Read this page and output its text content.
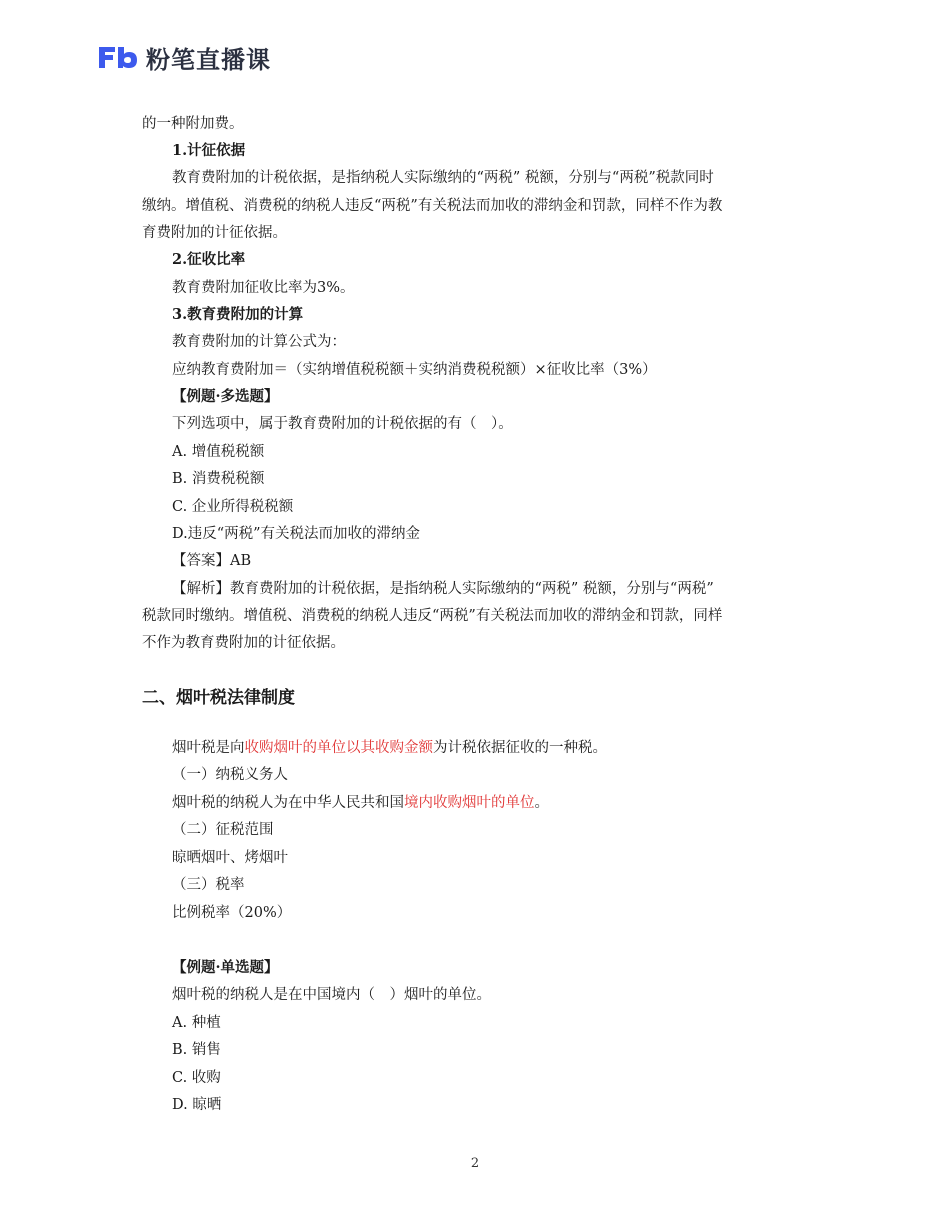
粉笔直播课
的一种附加费。
1.计征依据
教育费附加的计税依据，是指纳税人实际缴纳的“两税” 税额，分别与“两税”税款同时
缴纳。增值税、消费税的纳税人违反“两税”有关税法而加收的滞纳金和罚款，同样不作为教
育费附加的计征依据。
2.征收比率
教育费附加征收比率为3%。
3.教育费附加的计算
教育费附加的计算公式为：
应纳教育费附加＝（实纳增值税税额＋实纳消费税税额）×征收比率（3%）
【例题·多选题】
下列选项中，属于教育费附加的计税依据的有（　）。
A. 增值税税额
B. 消费税税额
C. 企业所得税税额
D.违反“两税”有关税法而加收的滞纳金
【答案】AB
【解析】教育费附加的计税依据，是指纳税人实际缴纳的“两税” 税额，分别与“两税”
税款同时缴纳。增值税、消费税的纳税人违反“两税”有关税法而加收的滞纳金和罚款，同样
不作为教育费附加的计征依据。
二、烟叶税法律制度
烟叶税是向收购烟叶的单位以其收购金额为计税依据征收的一种税。
（一）纳税义务人
烟叶税的纳税人为在中华人民共和国境内收购烟叶的单位。
（二）征税范围
晾晒烟叶、烤烟叶
（三）税率
比例税率（20%）
【例题·单选题】
烟叶税的纳税人是在中国境内（　）烟叶的单位。
A. 种植
B. 销售
C. 收购
D. 晾晒
2
